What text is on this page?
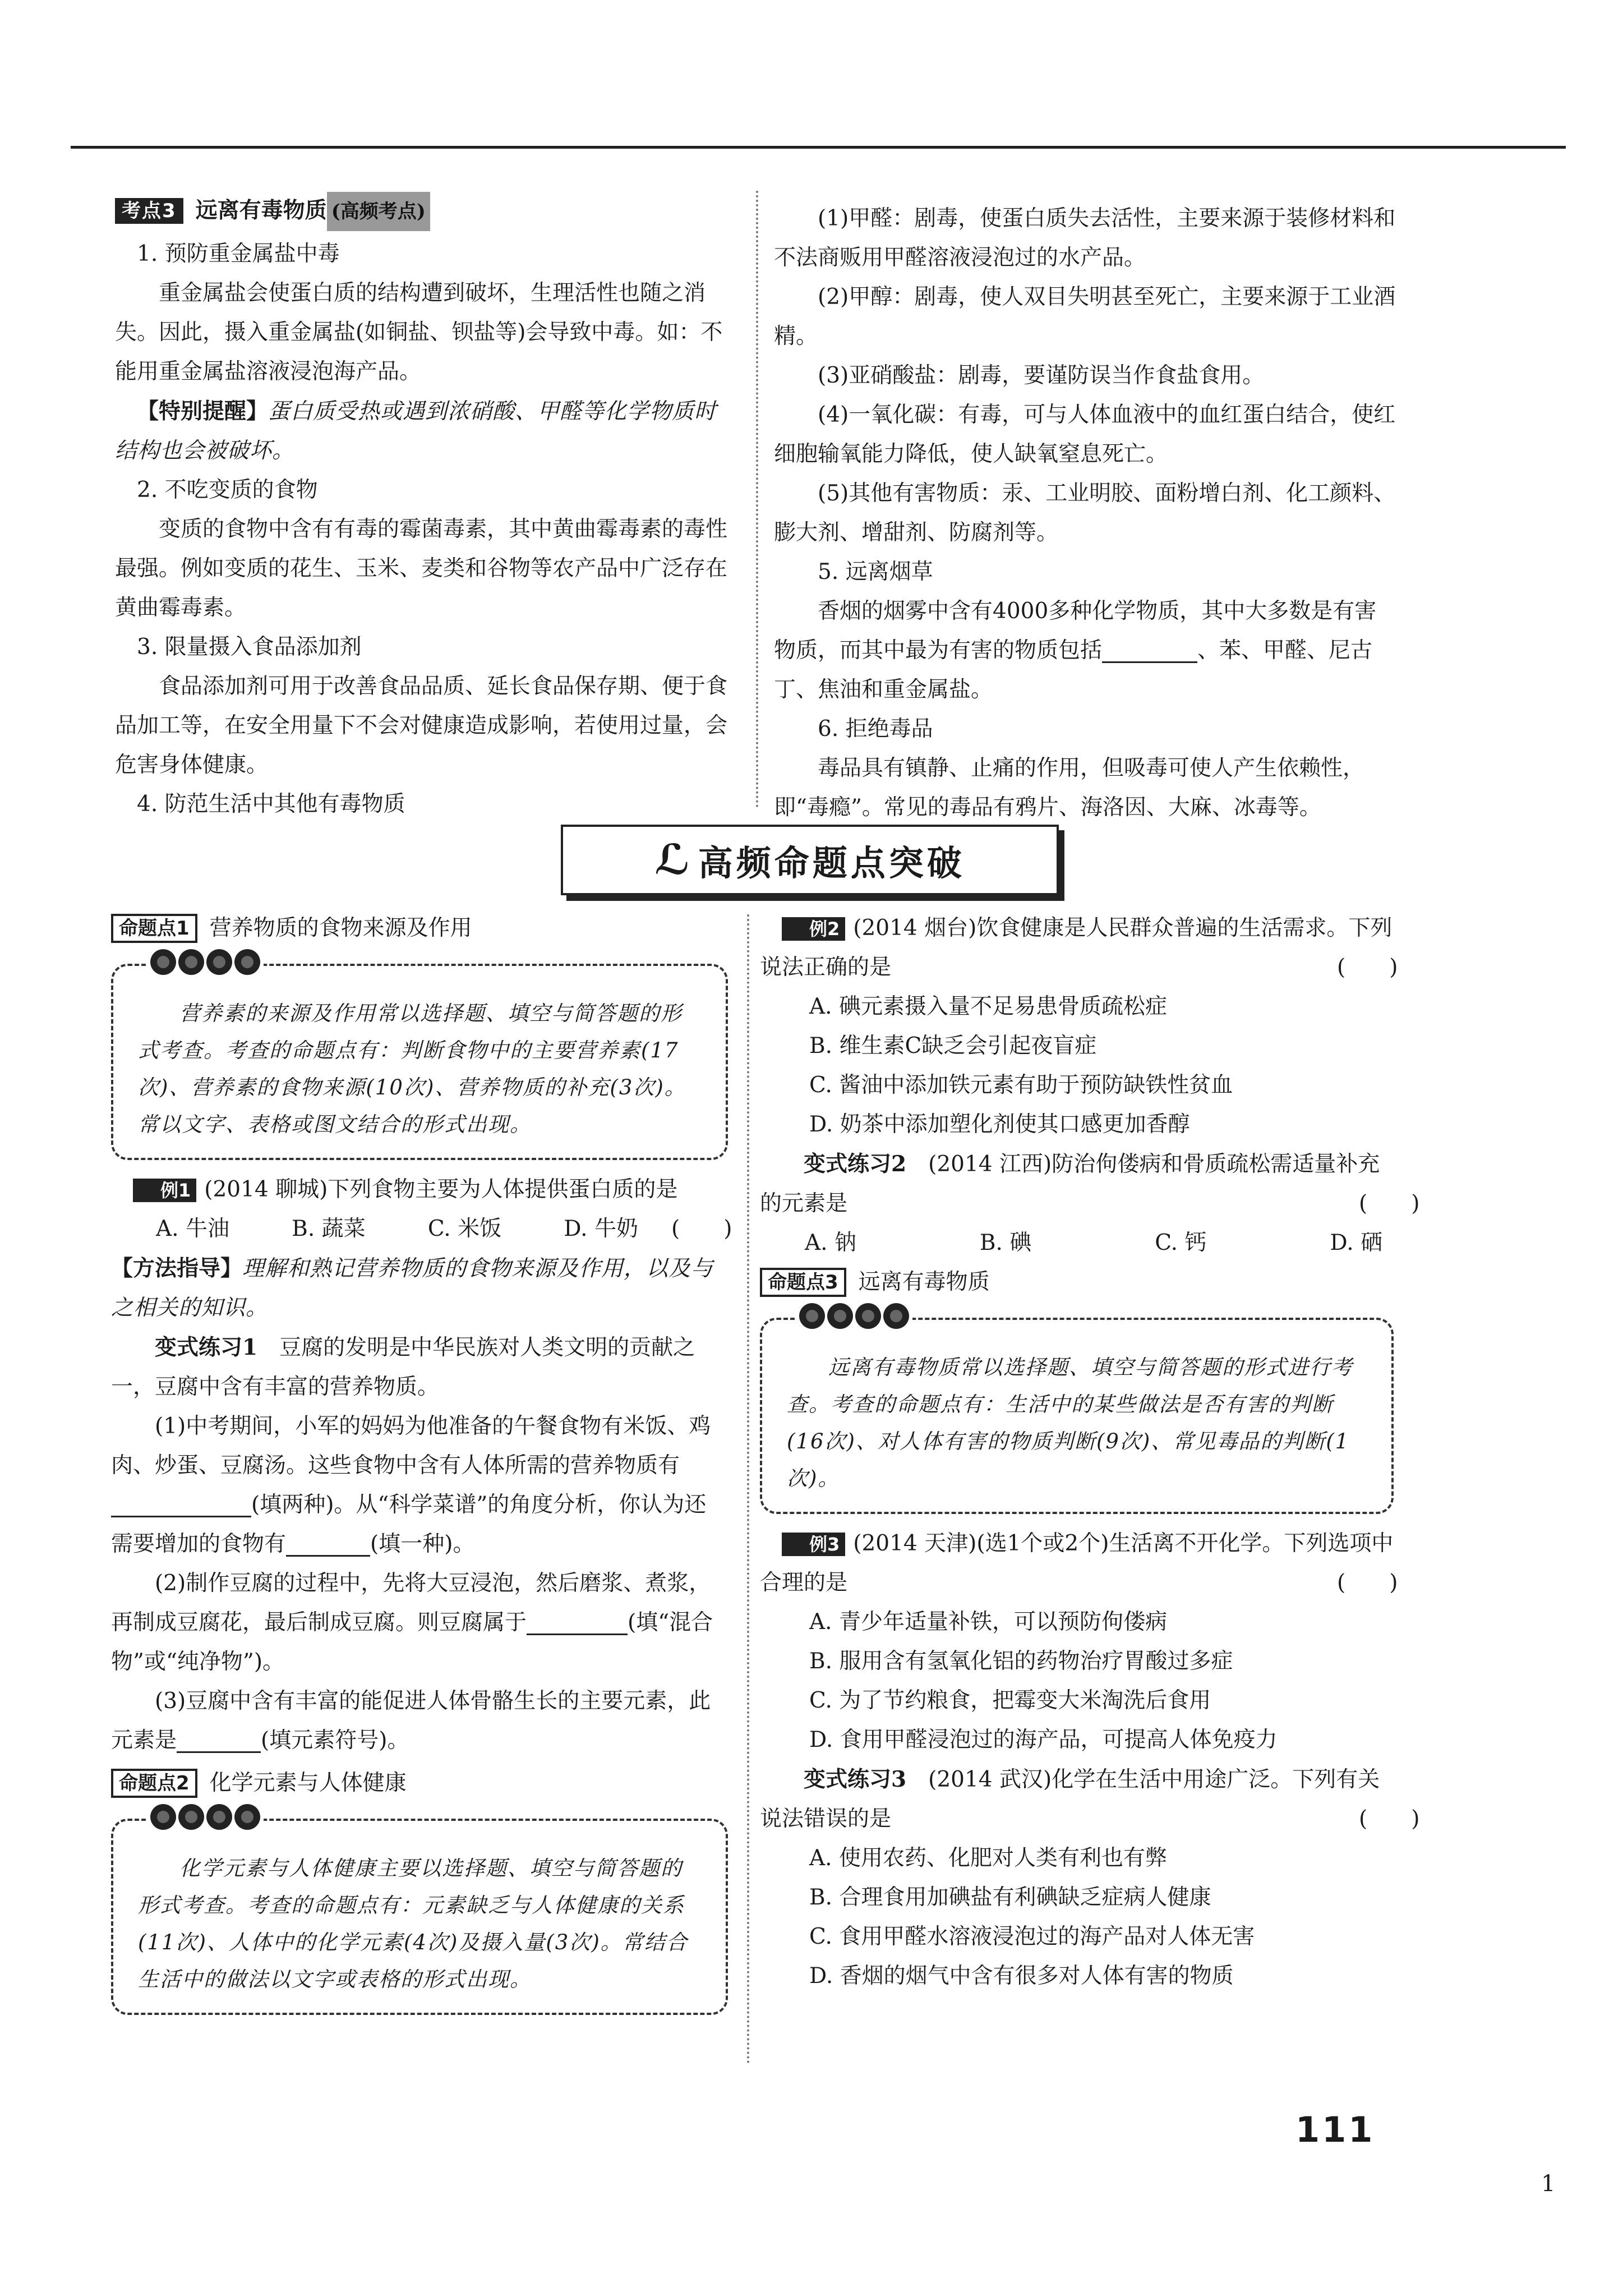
考点3 远离有毒物质 (高频考点)

1. 预防重金属盐中毒

重金属盐会使蛋白质的结构遭到破坏，生理活性也随之消失。因此，摄入重金属盐(如铜盐、钡盐等)会导致中毒。如：不能用重金属盐溶液浸泡海产品。

【特别提醒】蛋白质受热或遇到浓硝酸、甲醛等化学物质时结构也会被破坏。

2. 不吃变质的食物

变质的食物中含有有毒的霉菌毒素，其中黄曲霉毒素的毒性最强。例如变质的花生、玉米、麦类和谷物等农产品中广泛存在黄曲霉毒素。

3. 限量摄入食品添加剂

食品添加剂可用于改善食品品质、延长食品保存期、便于食品加工等，在安全用量下不会对健康造成影响，若使用过量，会危害身体健康。

4. 防范生活中其他有毒物质

(1)甲醛：剧毒，使蛋白质失去活性，主要来源于装修材料和不法商贩用甲醛溶液浸泡过的水产品。

(2)甲醇：剧毒，使人双目失明甚至死亡，主要来源于工业酒精。

(3)亚硝酸盐：剧毒，要谨防误当作食盐食用。

(4)一氧化碳：有毒，可与人体血液中的血红蛋白结合，使红细胞输氧能力降低，使人缺氧窒息死亡。

(5)其他有害物质：汞、工业明胶、面粉增白剂、化工颜料、膨大剂、增甜剂、防腐剂等。

5. 远离烟草

香烟的烟雾中含有4000多种化学物质，其中大多数是有害物质，而其中最为有害的物质包括	、苯、甲醛、尼古丁、焦油和重金属盐。

6. 拒绝毒品

毒品具有镇静、止痛的作用，但吸毒可使人产生依赖性，即“毒瘾”。常见的毒品有鸦片、海洛因、大麻、冰毒等。

ℒ 高频命题点突破
命题点1 营养物质的食物来源及作用

营养素的来源及作用常以选择题、填空与简答题的形式考查。考查的命题点有：判断食物中的主要营养素(17次)、营养素的食物来源(10次)、营养物质的补充(3次)。常以文字、表格或图文结合的形式出现。

例1 (2014 聊城)下列食物主要为人体提供蛋白质的是
(　　)

A. 牛油	B. 蔬菜	C. 米饭	D. 牛奶

【方法指导】理解和熟记营养物质的食物来源及作用，以及与之相关的知识。

变式练习1　 豆腐的发明是中华民族对人类文明的贡献之一，豆腐中含有丰富的营养物质。

(1)中考期间，小军的妈妈为他准备的午餐食物有米饭、鸡肉、炒蛋、豆腐汤。这些食物中含有人体所需的营养物质有(填两种)。从“科学菜谱”的角度分析，你认为还需要增加的食物有	(填一种)。

(2)制作豆腐的过程中，先将大豆浸泡，然后磨浆、煮浆，再制成豆腐花，最后制成豆腐。则豆腐属于	(填“混合物”或“纯净物”)。

(3)豆腐中含有丰富的能促进人体骨骼生长的主要元素，此元素是	(填元素符号)。

命题点2 化学元素与人体健康

化学元素与人体健康主要以选择题、填空与简答题的形式考查。考查的命题点有：元素缺乏与人体健康的关系(11次)、人体中的化学元素(4次)及摄入量(3次)。常结合生活中的做法以文字或表格的形式出现。

例2 (2014 烟台)饮食健康是人民群众普遍的生活需求。下列说法正确的是	(　　)

A. 碘元素摄入量不足易患骨质疏松症

B. 维生素C缺乏会引起夜盲症

C. 酱油中添加铁元素有助于预防缺铁性贫血

D. 奶茶中添加塑化剂使其口感更加香醇

变式练习2　 (2014 江西)防治佝偻病和骨质疏松需适量补充的元素是	(　　)

A. 钠	B. 碘	C. 钙	D. 硒
命题点3 远离有毒物质

远离有毒物质常以选择题、填空与简答题的形式进行考查。考查的命题点有：生活中的某些做法是否有害的判断(16次)、对人体有害的物质判断(9次)、常见毒品的判断(1次)。

例3 (2014 天津)(选1个或2个)生活离不开化学。下列选项中合理的是	(　　)

A. 青少年适量补铁，可以预防佝偻病

B. 服用含有氢氧化铝的药物治疗胃酸过多症

C. 为了节约粮食，把霉变大米淘洗后食用

D. 食用甲醛浸泡过的海产品，可提高人体免疫力

变式练习3　 (2014 武汉)化学在生活中用途广泛。下列有关说法错误的是	(　　)

A. 使用农药、化肥对人类有利也有弊

B. 合理食用加碘盐有利碘缺乏症病人健康

C. 食用甲醛水溶液浸泡过的海产品对人体无害

D. 香烟的烟气中含有很多对人体有害的物质

111
1
